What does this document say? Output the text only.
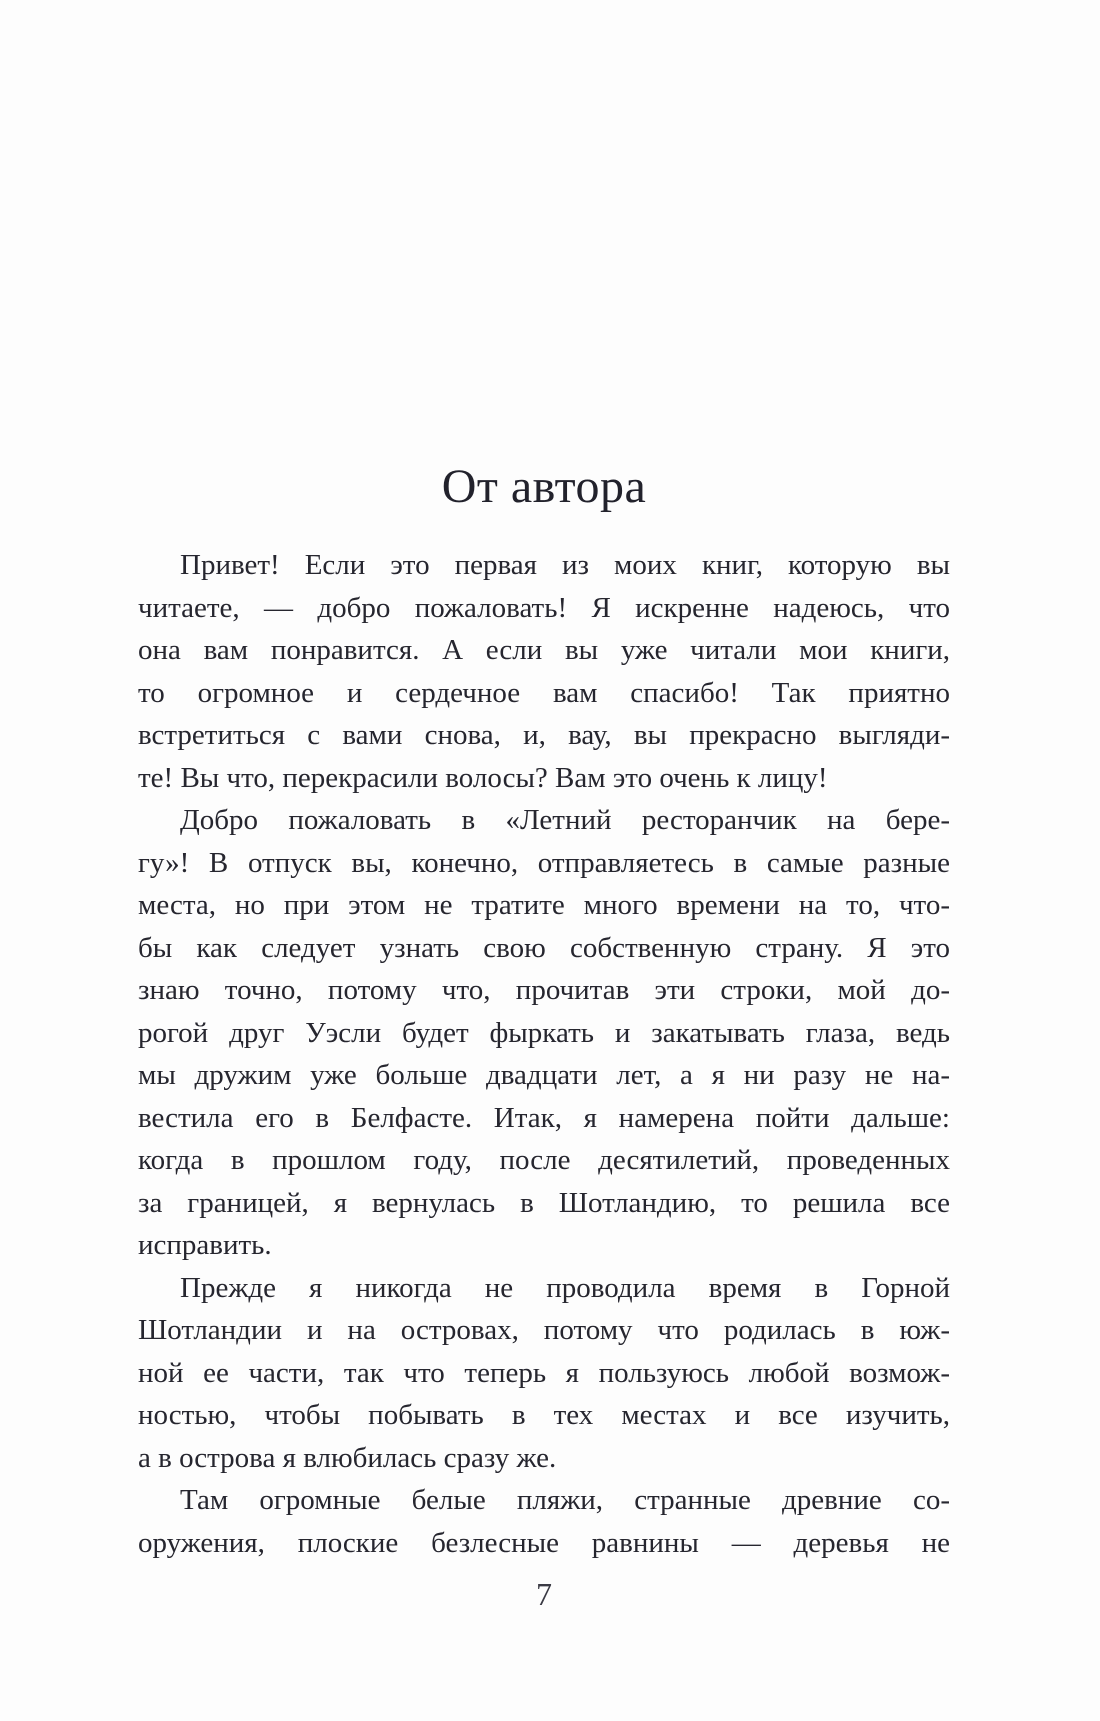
От автора
Привет! Если это первая из моих книг, которую вы
читаете, — добро пожаловать! Я искренне надеюсь, что
она вам понравится. А если вы уже читали мои книги,
то огромное и сердечное вам спасибо! Так приятно
встретиться с вами снова, и, вау, вы прекрасно выгляди-
те! Вы что, перекрасили волосы? Вам это очень к лицу!
Добро пожаловать в «Летний ресторанчик на бере-
гу»! В отпуск вы, конечно, отправляетесь в самые разные
места, но при этом не тратите много времени на то, что-
бы как следует узнать свою собственную страну. Я это
знаю точно, потому что, прочитав эти строки, мой до-
рогой друг Уэсли будет фыркать и закатывать глаза, ведь
мы дружим уже больше двадцати лет, а я ни разу не на-
вестила его в Белфасте. Итак, я намерена пойти дальше:
когда в прошлом году, после десятилетий, проведенных
за границей, я вернулась в Шотландию, то решила все
исправить.
Прежде я никогда не проводила время в Горной
Шотландии и на островах, потому что родилась в юж-
ной ее части, так что теперь я пользуюсь любой возмож-
ностью, чтобы побывать в тех местах и все изучить,
а в острова я влюбилась сразу же.
Там огромные белые пляжи, странные древние со-
оружения, плоские безлесные равнины — деревья не
7
